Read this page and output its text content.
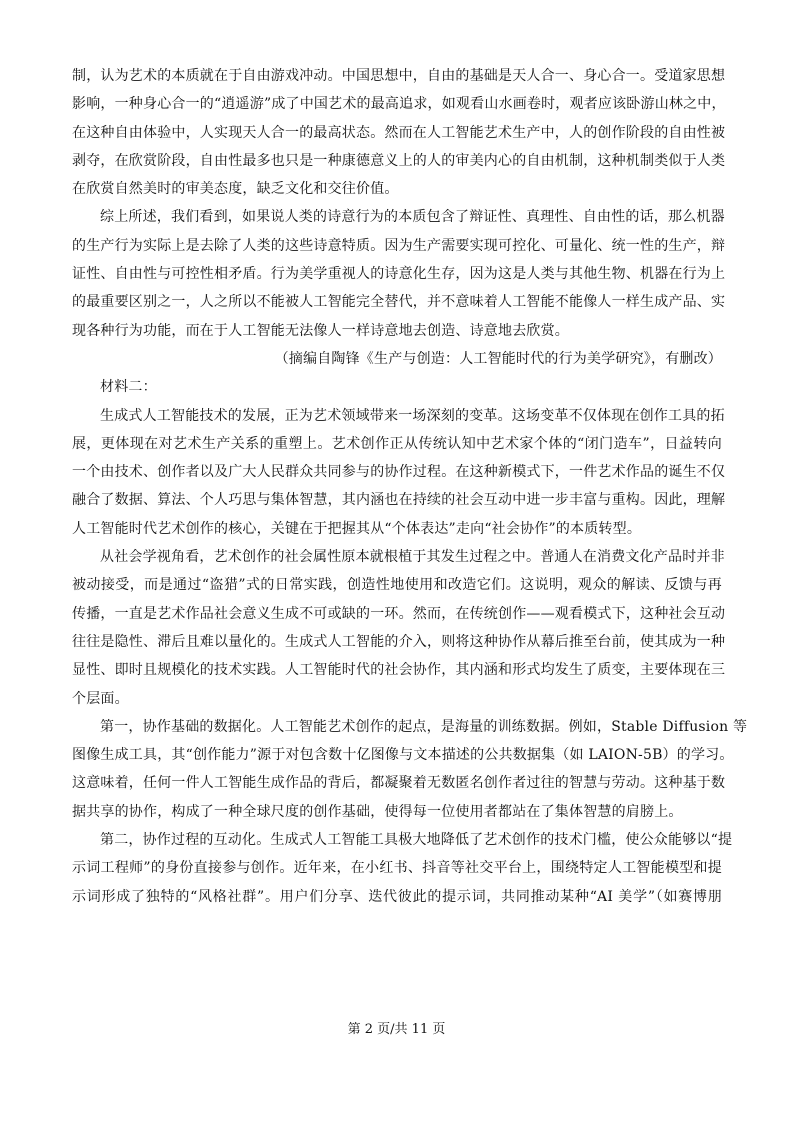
制，认为艺术的本质就在于自由游戏冲动。中国思想中，自由的基础是天人合一、身心合一。受道家思想
影响，一种身心合一的“逍遥游”成了中国艺术的最高追求，如观看山水画卷时，观者应该卧游山林之中，
在这种自由体验中，人实现天人合一的最高状态。然而在人工智能艺术生产中，人的创作阶段的自由性被
剥夺，在欣赏阶段，自由性最多也只是一种康德意义上的人的审美内心的自由机制，这种机制类似于人类
在欣赏自然美时的审美态度，缺乏文化和交往价值。
综上所述，我们看到，如果说人类的诗意行为的本质包含了辩证性、真理性、自由性的话，那么机器
的生产行为实际上是去除了人类的这些诗意特质。因为生产需要实现可控化、可量化、统一性的生产，辩
证性、自由性与可控性相矛盾。行为美学重视人的诗意化生存，因为这是人类与其他生物、机器在行为上
的最重要区别之一，人之所以不能被人工智能完全替代，并不意味着人工智能不能像人一样生成产品、实
现各种行为功能，而在于人工智能无法像人一样诗意地去创造、诗意地去欣赏。
（摘编自陶锋《生产与创造：人工智能时代的行为美学研究》，有删改）
材料二：
生成式人工智能技术的发展，正为艺术领域带来一场深刻的变革。这场变革不仅体现在创作工具的拓
展，更体现在对艺术生产关系的重塑上。艺术创作正从传统认知中艺术家个体的“闭门造车”，日益转向
一个由技术、创作者以及广大人民群众共同参与的协作过程。在这种新模式下，一件艺术作品的诞生不仅
融合了数据、算法、个人巧思与集体智慧，其内涵也在持续的社会互动中进一步丰富与重构。因此，理解
人工智能时代艺术创作的核心，关键在于把握其从“个体表达”走向“社会协作”的本质转型。
从社会学视角看，艺术创作的社会属性原本就根植于其发生过程之中。普通人在消费文化产品时并非
被动接受，而是通过“盗猎”式的日常实践，创造性地使用和改造它们。这说明，观众的解读、反馈与再
传播，一直是艺术作品社会意义生成不可或缺的一环。然而，在传统创作——观看模式下，这种社会互动
往往是隐性、滞后且难以量化的。生成式人工智能的介入，则将这种协作从幕后推至台前，使其成为一种
显性、即时且规模化的技术实践。人工智能时代的社会协作，其内涵和形式均发生了质变，主要体现在三
个层面。
第一，协作基础的数据化。人工智能艺术创作的起点，是海量的训练数据。例如，Stable Diffusion 等
图像生成工具，其“创作能力”源于对包含数十亿图像与文本描述的公共数据集（如 LAION-5B）的学习。
这意味着，任何一件人工智能生成作品的背后，都凝聚着无数匿名创作者过往的智慧与劳动。这种基于数
据共享的协作，构成了一种全球尺度的创作基础，使得每一位使用者都站在了集体智慧的肩膀上。
第二，协作过程的互动化。生成式人工智能工具极大地降低了艺术创作的技术门槛，使公众能够以“提
示词工程师”的身份直接参与创作。近年来，在小红书、抖音等社交平台上，围绕特定人工智能模型和提
示词形成了独特的“风格社群”。用户们分享、迭代彼此的提示词，共同推动某种“AI 美学”（如赛博朋
第 2 页/共 11 页
